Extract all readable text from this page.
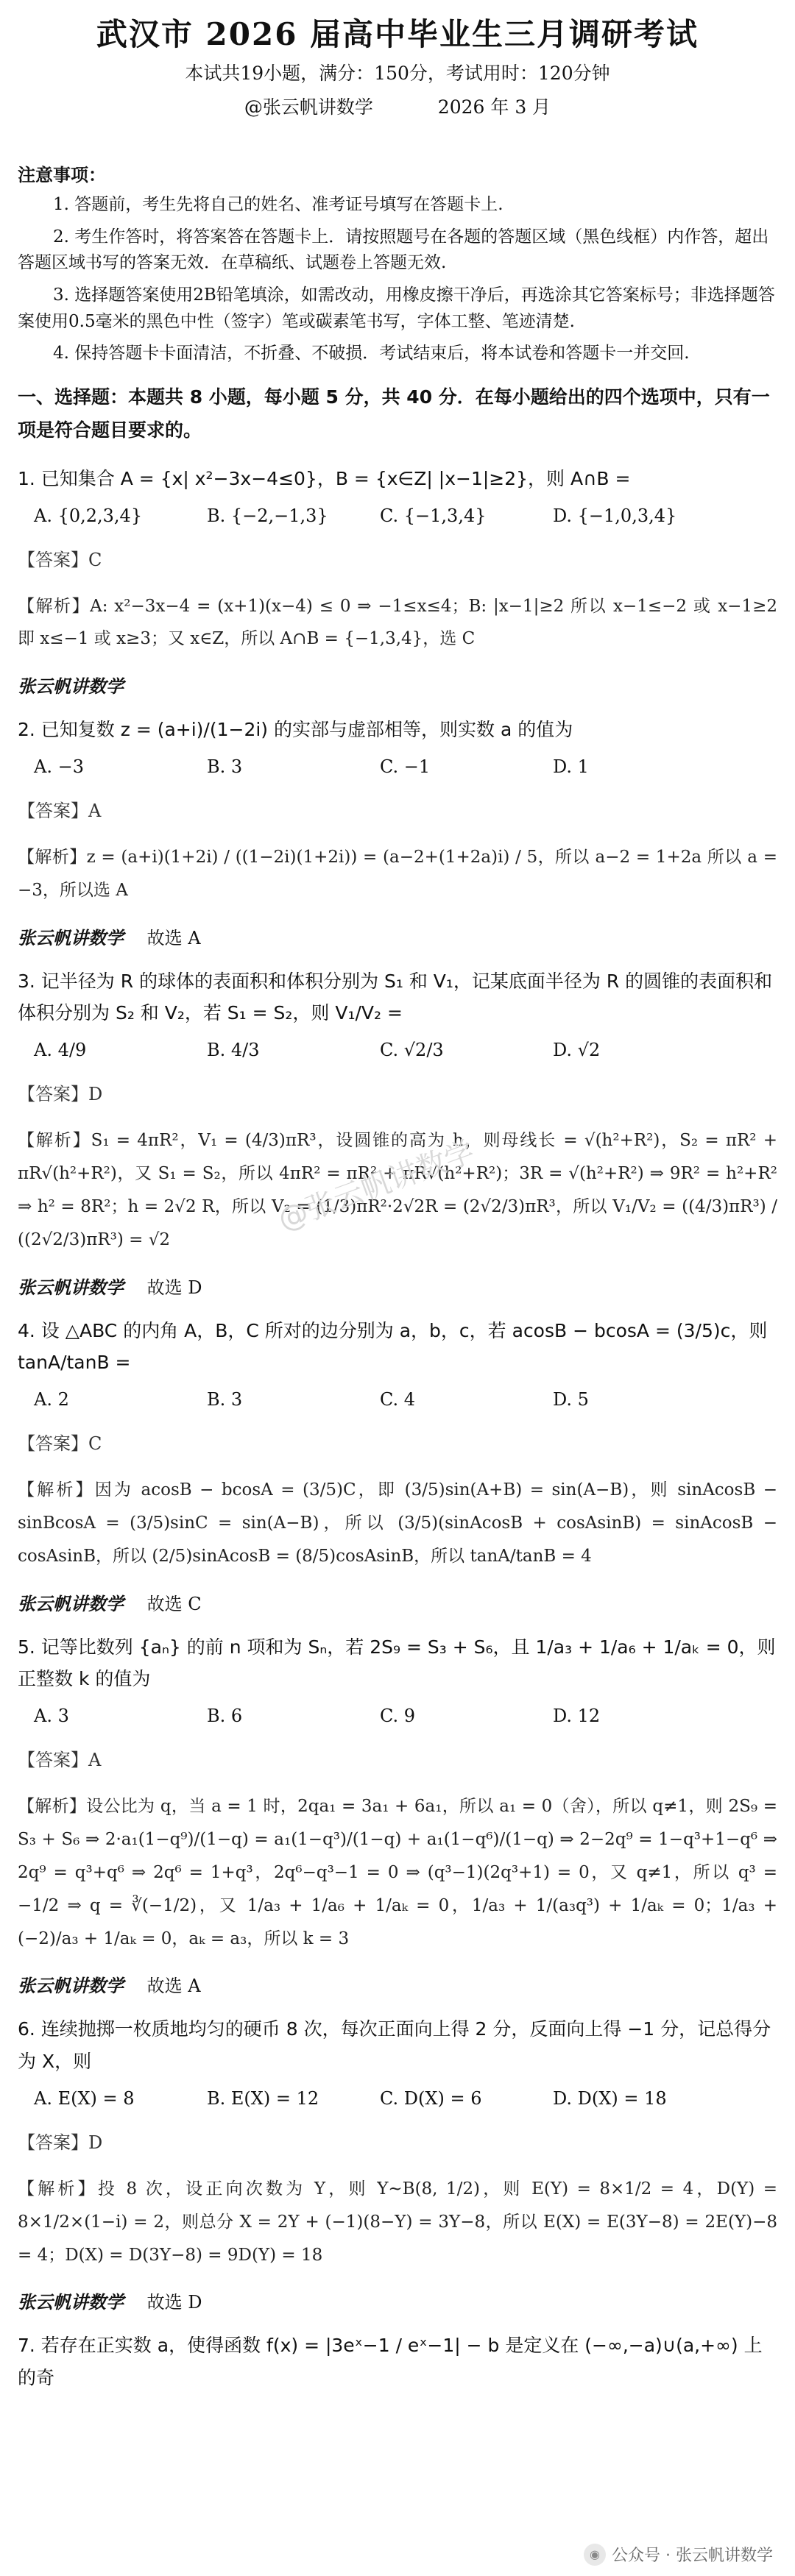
武汉市 2026 届高中毕业生三月调研考试
本试共19小题，满分：150分，考试用时：120分钟
@张云帆讲数学	2026 年 3 月
注意事项：

1. 答题前，考生先将自己的姓名、准考证号填写在答题卡上.

2. 考生作答时，将答案答在答题卡上．请按照题号在各题的答题区域（黑色线框）内作答，超出答题区域书写的答案无效．在草稿纸、试题卷上答题无效.

3. 选择题答案使用2B铅笔填涂，如需改动，用橡皮擦干净后，再选涂其它答案标号；非选择题答案使用0.5毫米的黑色中性（签字）笔或碳素笔书写，字体工整、笔迹清楚.

4. 保持答题卡卡面清洁，不折叠、不破损．考试结束后，将本试卷和答题卡一并交回.

一、选择题：本题共 8 小题，每小题 5 分，共 40 分．在每小题给出的四个选项中，只有一项是符合题目要求的。
1. 已知集合 A = {x| x²−3x−4≤0}，B = {x∈Z| |x−1|≥2}，则 A∩B =
A. {0,2,3,4}	B. {−2,−1,3}	C. {−1,3,4}	D. {−1,0,3,4}
【答案】C
【解析】A: x²−3x−4 = (x+1)(x−4) ≤ 0 ⇒ −1≤x≤4；B: |x−1|≥2 所以 x−1≤−2 或 x−1≥2 即 x≤−1 或 x≥3；又 x∈Z，所以 A∩B = {−1,3,4}，选 C
张云帆讲数学
2. 已知复数 z = (a+i)/(1−2i) 的实部与虚部相等，则实数 a 的值为
A. −3	B. 3	C. −1	D. 1
【答案】A
【解析】z = (a+i)(1+2i) / ((1−2i)(1+2i)) = (a−2+(1+2a)i) / 5，所以 a−2 = 1+2a 所以 a = −3，所以选 A
张云帆讲数学 故选 A
3. 记半径为 R 的球体的表面积和体积分别为 S₁ 和 V₁，记某底面半径为 R 的圆锥的表面积和体积分别为 S₂ 和 V₂，若 S₁ = S₂，则 V₁/V₂ =
A. 4/9	B. 4/3	C. √2/3	D. √2
【答案】D
【解析】S₁ = 4πR²，V₁ = (4/3)πR³，设圆锥的高为 h，则母线长 = √(h²+R²)，S₂ = πR² + πR√(h²+R²)，又 S₁ = S₂，所以 4πR² = πR² + πR√(h²+R²)；3R = √(h²+R²) ⇒ 9R² = h²+R² ⇒ h² = 8R²；h = 2√2 R，所以 V₂ = (1/3)πR²·2√2R = (2√2/3)πR³，所以 V₁/V₂ = ((4/3)πR³) / ((2√2/3)πR³) = √2
张云帆讲数学 故选 D
4. 设 △ABC 的内角 A，B，C 所对的边分别为 a，b，c，若 acosB − bcosA = (3/5)c，则 tanA/tanB =
A. 2	B. 3	C. 4	D. 5
【答案】C
【解析】因为 acosB − bcosA = (3/5)C，即 (3/5)sin(A+B) = sin(A−B)，则 sinAcosB − sinBcosA = (3/5)sinC = sin(A−B)，所以 (3/5)(sinAcosB + cosAsinB) = sinAcosB − cosAsinB，所以 (2/5)sinAcosB = (8/5)cosAsinB，所以 tanA/tanB = 4
张云帆讲数学 故选 C
5. 记等比数列 {aₙ} 的前 n 项和为 Sₙ，若 2S₉ = S₃ + S₆，且 1/a₃ + 1/a₆ + 1/aₖ = 0，则正整数 k 的值为
A. 3	B. 6	C. 9	D. 12
【答案】A
【解析】设公比为 q，当 a = 1 时，2qa₁ = 3a₁ + 6a₁，所以 a₁ = 0（舍），所以 q≠1，则 2S₉ = S₃ + S₆ ⇒ 2·a₁(1−q⁹)/(1−q) = a₁(1−q³)/(1−q) + a₁(1−q⁶)/(1−q) ⇒ 2−2q⁹ = 1−q³+1−q⁶ ⇒ 2q⁹ = q³+q⁶ ⇒ 2q⁶ = 1+q³，2q⁶−q³−1 = 0 ⇒ (q³−1)(2q³+1) = 0，又 q≠1，所以 q³ = −1/2 ⇒ q = ∛(−1/2)，又 1/a₃ + 1/a₆ + 1/aₖ = 0，1/a₃ + 1/(a₃q³) + 1/aₖ = 0；1/a₃ + (−2)/a₃ + 1/aₖ = 0，aₖ = a₃，所以 k = 3
张云帆讲数学 故选 A
6. 连续抛掷一枚质地均匀的硬币 8 次，每次正面向上得 2 分，反面向上得 −1 分，记总得分为 X，则
A. E(X) = 8	B. E(X) = 12	C. D(X) = 6	D. D(X) = 18
【答案】D
【解析】投 8 次，设正向次数为 Y，则 Y~B(8, 1/2)，则 E(Y) = 8×1/2 = 4，D(Y) = 8×1/2×(1−i) = 2，则总分 X = 2Y + (−1)(8−Y) = 3Y−8，所以 E(X) = E(3Y−8) = 2E(Y)−8 = 4；D(X) = D(3Y−8) = 9D(Y) = 18
张云帆讲数学 故选 D
7. 若存在正实数 a，使得函数 f(x) = |3eˣ−1 / eˣ−1| − b 是定义在 (−∞,−a)∪(a,+∞) 上的奇
@张云帆讲数学
◉ 公众号 · 张云帆讲数学
